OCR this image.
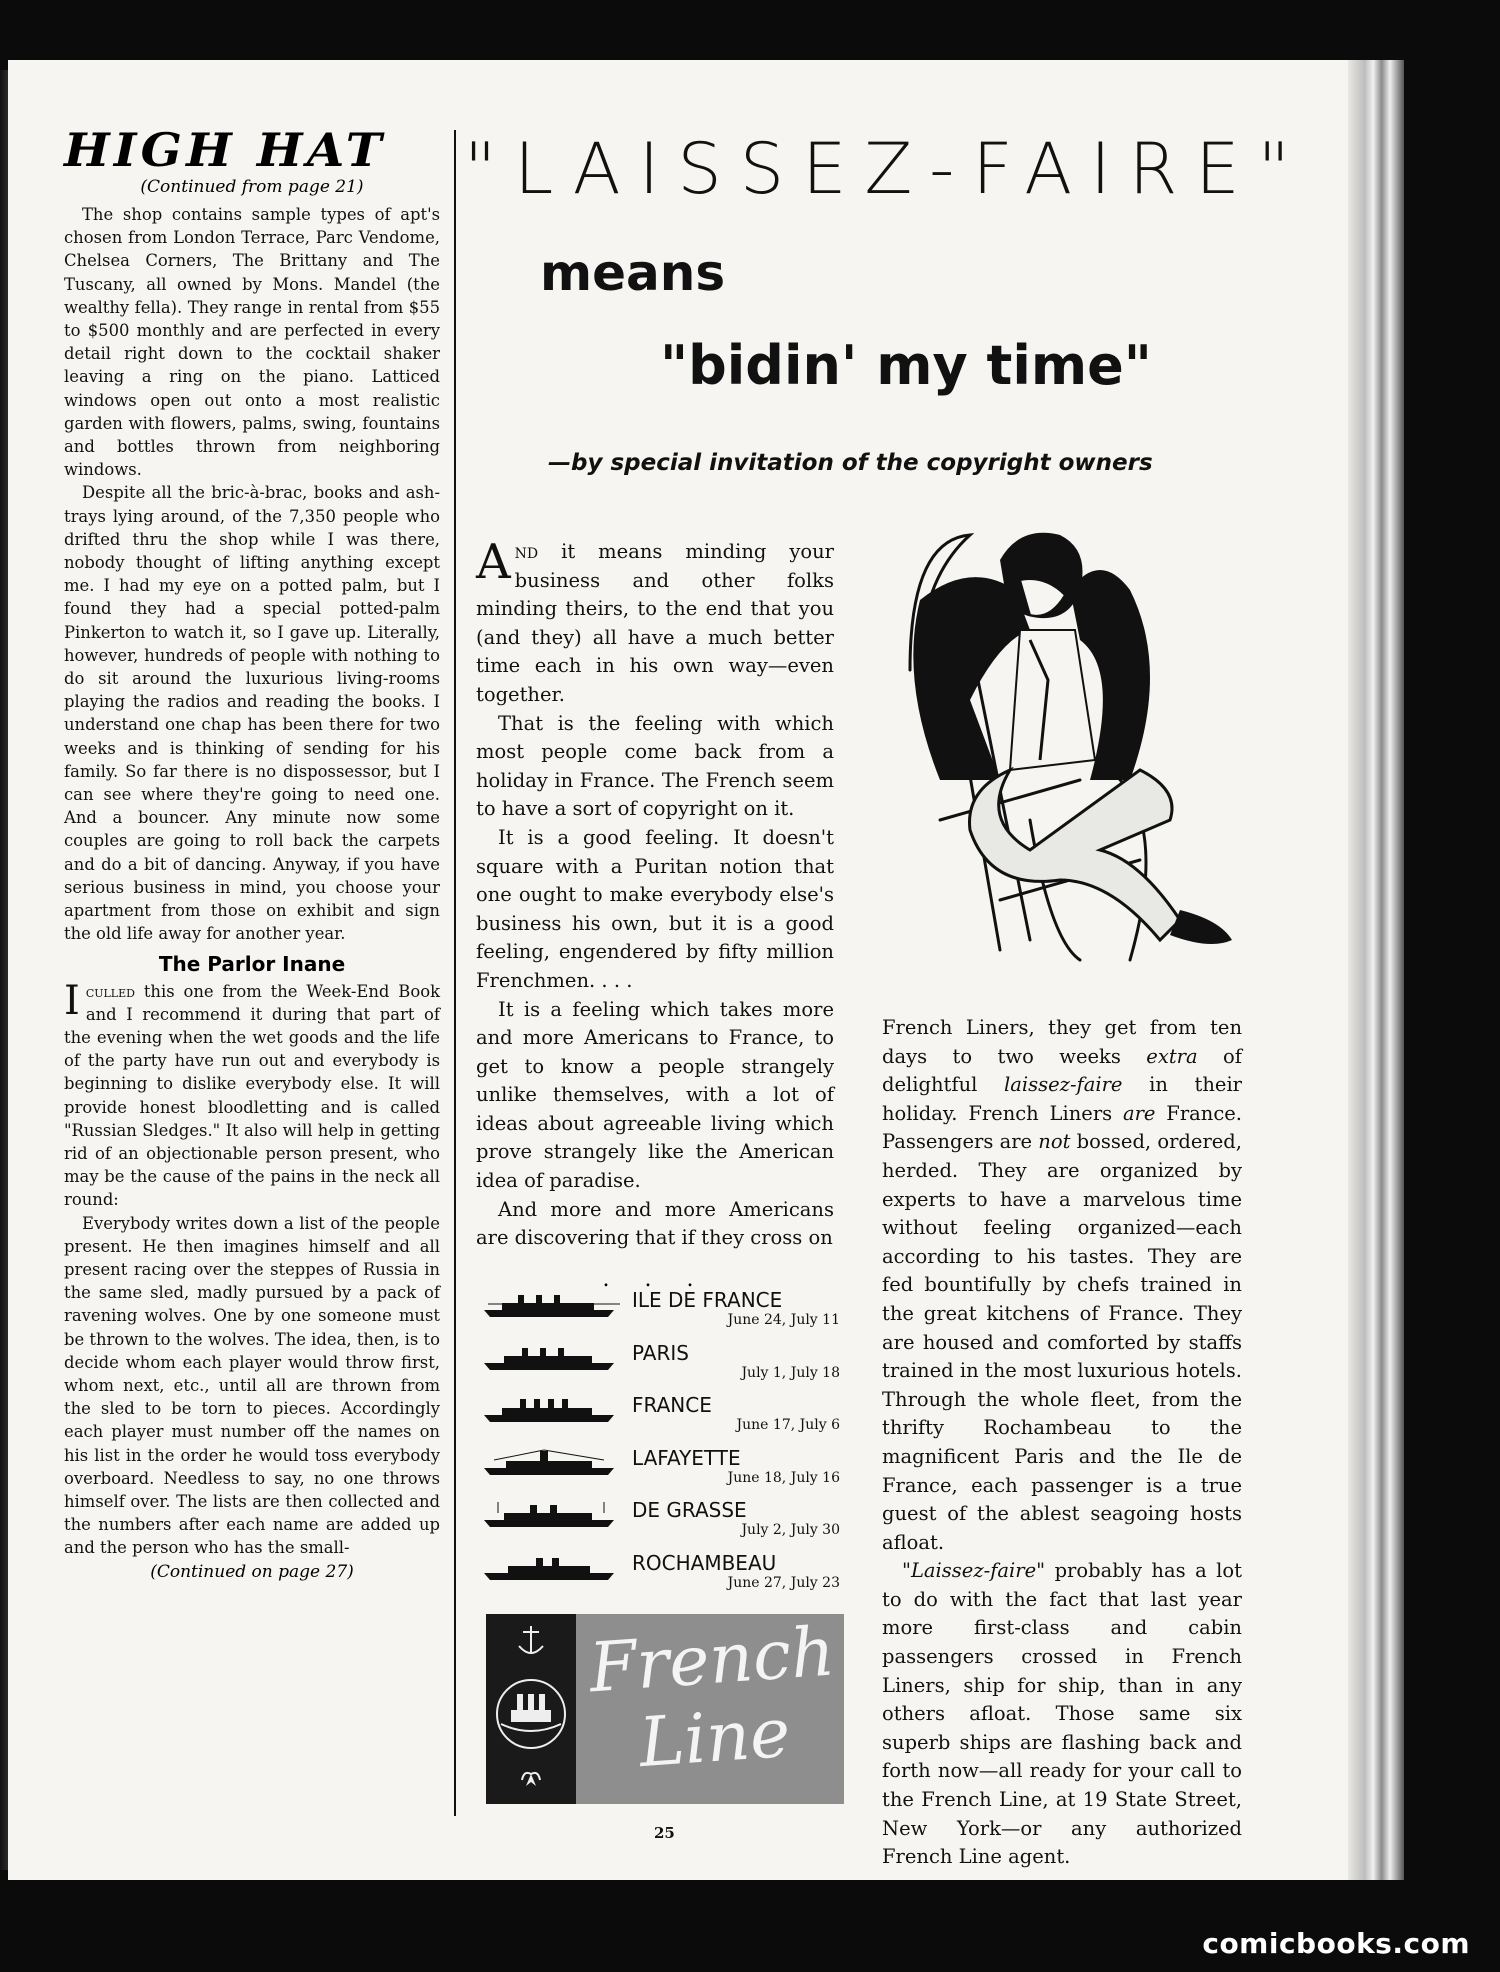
HIGH HAT
(Continued from page 21)

The shop contains sample types of apt's chosen from London Terrace, Parc Vendome, Chelsea Corners, The Brittany and The Tuscany, all owned by Mons. Mandel (the wealthy fella). They range in rental from $55 to $500 monthly and are perfected in every detail right down to the cocktail shaker leaving a ring on the piano. Latticed windows open out onto a most realistic garden with flowers, palms, swing, fountains and bottles thrown from neighboring windows.

Despite all the bric-à-brac, books and ash-trays lying around, of the 7,350 people who drifted thru the shop while I was there, nobody thought of lifting anything except me. I had my eye on a potted palm, but I found they had a special potted-palm Pinkerton to watch it, so I gave up. Literally, however, hundreds of people with nothing to do sit around the luxurious living-rooms playing the radios and reading the books. I understand one chap has been there for two weeks and is thinking of sending for his family. So far there is no dispossessor, but I can see where they're going to need one. And a bouncer. Any minute now some couples are going to roll back the carpets and do a bit of dancing. Anyway, if you have serious business in mind, you choose your apartment from those on exhibit and sign the old life away for another year.

The Parlor Inane

Iculled this one from the Week-End Book and I recommend it during that part of the evening when the wet goods and the life of the party have run out and everybody is beginning to dislike everybody else. It will provide honest bloodletting and is called "Russian Sledges." It also will help in getting rid of an objectionable person present, who may be the cause of the pains in the neck all round:

Everybody writes down a list of the people present. He then imagines himself and all present racing over the steppes of Russia in the same sled, madly pursued by a pack of ravening wolves. One by one someone must be thrown to the wolves. The idea, then, is to decide whom each player would throw first, whom next, etc., until all are thrown from the sled to be torn to pieces. Accordingly each player must number off the names on his list in the order he would toss everybody overboard. Needless to say, no one throws himself over. The lists are then collected and the numbers after each name are added up and the person who has the small-

(Continued on page 27)
"LAISSEZ-FAIRE"
means
"bidin' my time"
—by special invitation of the copyright owners

And it means minding your business and other folks minding theirs, to the end that you (and they) all have a much better time each in his own way—even together.

That is the feeling with which most people come back from a holiday in France. The French seem to have a sort of copyright on it.

It is a good feeling. It doesn't square with a Puritan notion that one ought to make everybody else's business his own, but it is a good feeling, engendered by fifty million Frenchmen. . . .

It is a feeling which takes more and more Americans to France, to get to know a people strangely unlike themselves, with a lot of ideas about agreeable living which prove strangely like the American idea of paradise.

And more and more Americans are discovering that if they cross on

. . .
ILE DE FRANCE
June 24, July 11
PARIS
July 1, July 18
FRANCE
June 17, July 6
LAFAYETTE
June 18, July 16
DE GRASSE
July 2, July 30
ROCHAMBEAU
June 27, July 23
French
Line

French Liners, they get from ten days to two weeks extra of delightful laissez-faire in their holiday. French Liners are France. Passengers are not bossed, ordered, herded. They are organized by experts to have a marvelous time without feeling organized—each according to his tastes. They are fed bountifully by chefs trained in the great kitchens of France. They are housed and comforted by staffs trained in the most luxurious hotels. Through the whole fleet, from the thrifty Rochambeau to the magnificent Paris and the Ile de France, each passenger is a true guest of the ablest seagoing hosts afloat.

"Laissez-faire" probably has a lot to do with the fact that last year more first-class and cabin passengers crossed in French Liners, ship for ship, than in any others afloat. Those same six superb ships are flashing back and forth now—all ready for your call to the French Line, at 19 State Street, New York—or any authorized French Line agent.

25
comicbooks.com
